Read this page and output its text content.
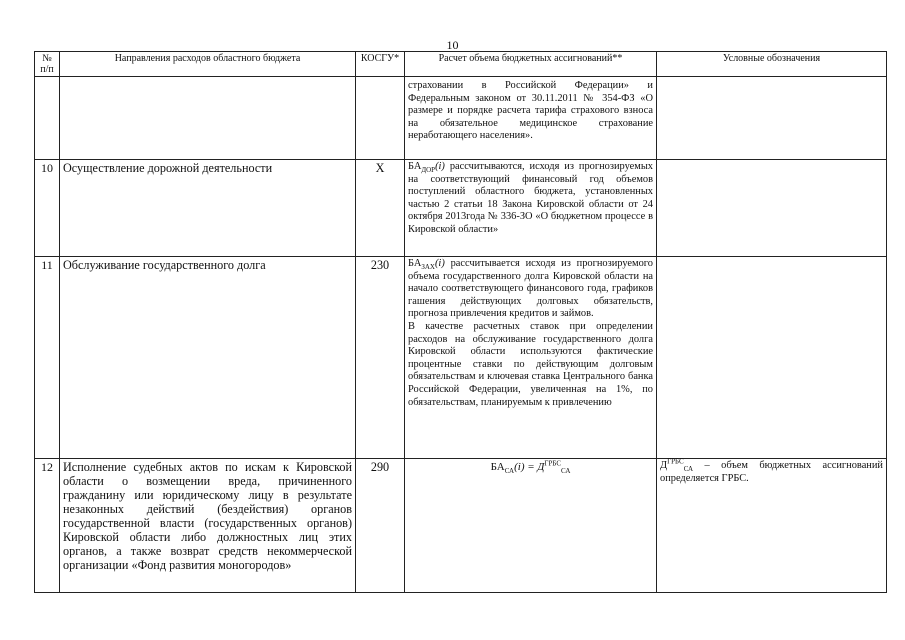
10
№ п/п	Направления расходов областного бюджета	КОСГУ*	Расчет объема бюджетных ассигнований**	Условные обозначения
			страховании в Российской Федерации» и Федеральным законом от 30.11.2011 № 354-ФЗ «О размере и порядке расчета тарифа страхового взноса на обязательное медицинское страхование неработающего населения».	
10	Осуществление дорожной деятельности	Х	$БА_{ДОР}(i)$ рассчитываются, исходя из прогнозируемых на соответствующий финансовый год объемов поступлений областного бюджета, установленных частью 2 статьи 18 Закона Кировской области от 24 октября 2013года № 336-ЗО «О бюджетном процессе в Кировской области»	
11	Обслуживание государственного долга	230	$БА_{ЗАХ}(i)$ рассчитывается исходя из прогнозируемого объема государственного долга Кировской области на начало соответствующего финансового года, графиков гашения действующих долговых обязательств, прогноза привлечения кредитов и займов.
В качестве расчетных ставок при определении расходов на обслуживание государственного долга Кировской области используются фактические процентные ставки по действующим долговым обязательствам и ключевая ставка Центрального банка Российской Федерации, увеличенная на 1%, по обязательствам, планируемым к привлечению	

12	Исполнение судебных актов по искам к Кировской области о возмещении вреда, причиненного гражданину или юридическому лицу в результате незаконных действий (бездействия) органов государственной власти (государственных органов) Кировской области либо должностных лиц этих органов, а также возврат средств некоммерческой организации «Фонд развития моногородов»	290	$БА_{СА}(i) = Д^{ГРБС}_{СА}$	$Д^{ГРБС}_{СА}$ – объем бюджетных ассигнований определяется ГРБС.
